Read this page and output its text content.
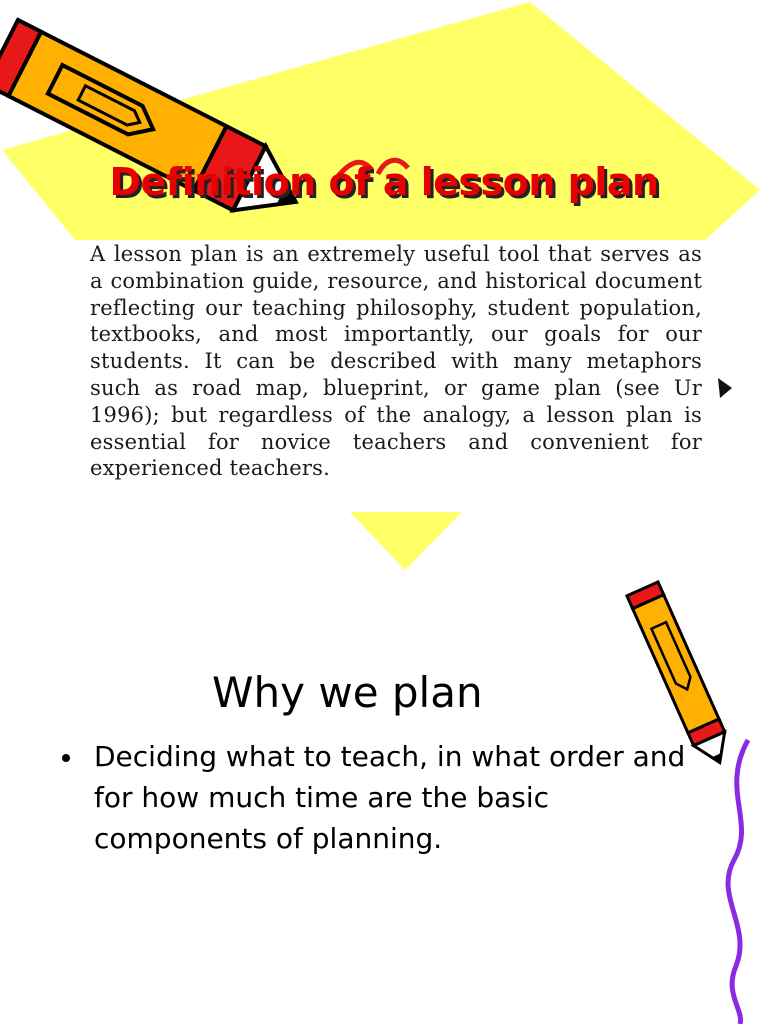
Definition of a lesson plan

A lesson plan is an extremely useful tool that serves as a combination guide, resource, and historical document reflecting our teaching philosophy, student population, textbooks, and most importantly, our goals for our students. It can be described with many metaphors such as road map, blueprint, or game plan (see Ur 1996); but regardless of the analogy, a lesson plan is essential for novice teachers and convenient for experienced teachers.

Why we plan
Deciding what to teach, in what order and for how much time are the basic components of planning.
